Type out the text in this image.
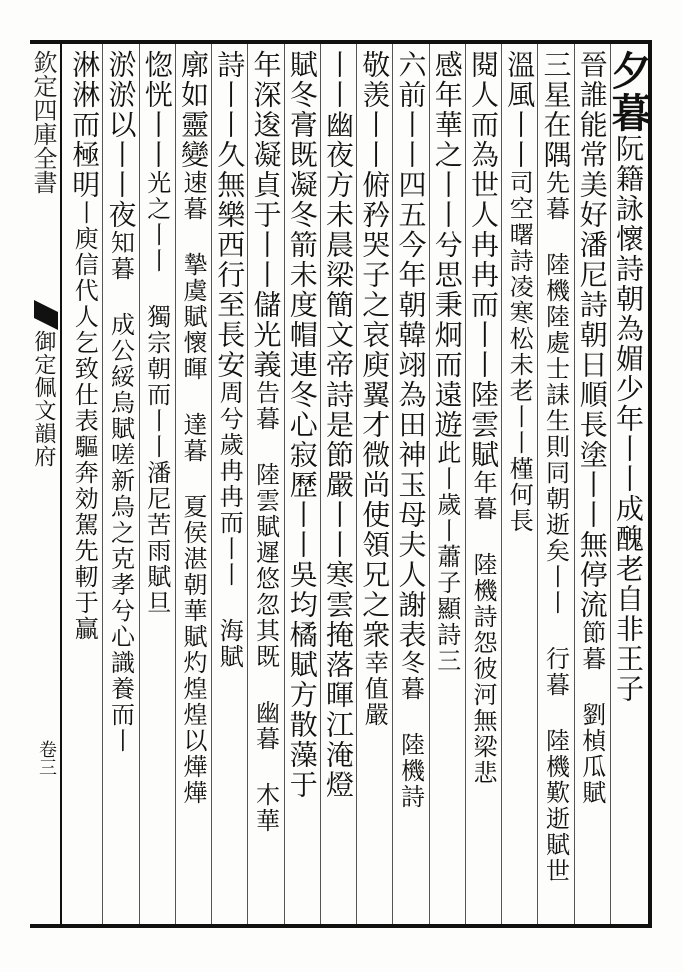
欽定四庫全書
御定佩文韻府
卷三
夕暮阮籍詠懷詩朝為媚少年丨丨成醜老自非王子
晉誰能常美好潘尼詩朝日順長塗丨丨無停流節暮 劉楨瓜賦
三星在隅先暮 陸機陸處士誄生則同朝逝矣丨丨 行暮 陸機歎逝賦世
溫風丨丨司空曙詩凌寒松未老丨丨槿何長
閱人而為世人冉冉而丨丨陸雲賦年暮 陸機詩怨彼河無梁悲
感年華之丨丨兮思秉炯而遠遊此丨歲丨蕭子顯詩三
六前丨丨四五今年朝韓翊為田神玉母夫人謝表冬暮 陸機詩
敬羡丨丨俯矜哭子之哀庾翼才微尚使領兄之衆幸值嚴
丨丨幽夜方未晨梁簡文帝詩是節嚴丨丨寒雲掩落暉江淹燈
賦冬膏既凝冬箭未度帽連冬心寂歷丨丨吳均橘賦方散藻于
年深逡凝貞于丨丨儲光義告暮 陸雲賦遲悠忽其既 幽暮 木華
詩丨丨久無樂西行至長安周兮歲冉冉而丨丨 海賦
廓如靈變速暮 摯虞賦懷暉 達暮 夏侯湛朝華賦灼煌煌以燁燁
惚恍丨丨光之丨丨 獨宗朝而丨丨潘尼苦雨賦旦
淤淤以丨丨夜知暮 成公綏烏賦嗟新烏之克孝兮心識養而丨
淋淋而極明丨庾信代人乞致仕表驅奔効駕先軔于贏
